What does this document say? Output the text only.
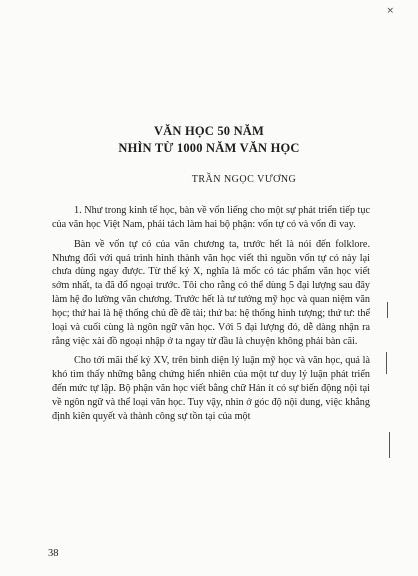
×
VĂN HỌC 50 NĂM
NHÌN TỪ 1000 NĂM VĂN HỌC

TRẦN NGỌC VƯƠNG

1. Như trong kinh tế học, bàn về vốn liếng cho một sự phát triển tiếp tục của văn học Việt Nam, phải tách làm hai bộ phận: vốn tự có và vốn đi vay.

Bàn về vốn tự có của văn chương ta, trước hết là nói đến folklore. Nhưng đối với quá trình hình thành văn học viết thì nguồn vốn tự có này lại chưa dùng ngay được. Từ thế kỷ X, nghĩa là mốc có tác phẩm văn học viết sớm nhất, ta đã đổ ngoại trước. Tôi cho rằng có thể dùng 5 đại lượng sau đây làm hệ đo lường văn chương. Trước hết là tư tưởng mỹ học và quan niệm văn học; thứ hai là hệ thống chủ đề đề tài; thứ ba: hệ thống hình tượng; thứ tư: thể loại và cuối cùng là ngôn ngữ văn học. Với 5 đại lượng đó, dễ dàng nhận ra rằng việc xài đồ ngoại nhập ở ta ngay từ đầu là chuyện không phải bàn cãi.

Cho tới mãi thế kỷ XV, trên bình diện lý luận mỹ học và văn học, quả là khó tìm thấy những bằng chứng hiển nhiên của một tư duy lý luận phát triển đến mức tự lập. Bộ phận văn học viết bằng chữ Hán ít có sự biến động nội tại về ngôn ngữ và thể loại văn học. Tuy vậy, nhìn ở góc độ nội dung, việc khẳng định kiên quyết và thành công sự tồn tại của một

38
